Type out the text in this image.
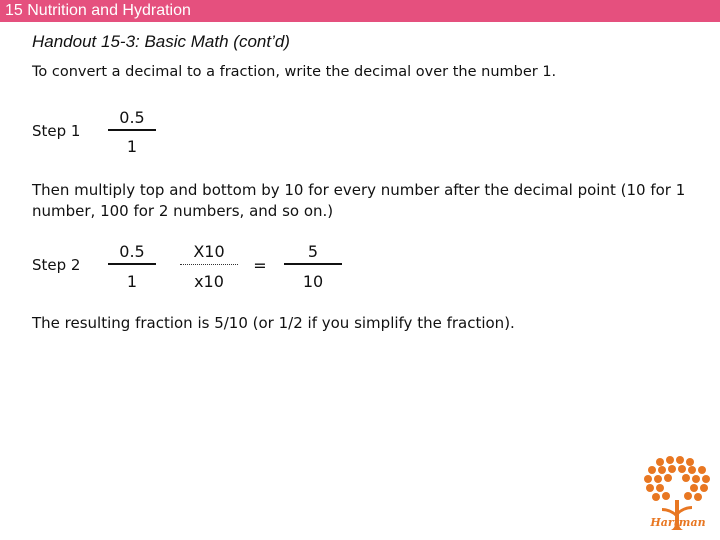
15 Nutrition and Hydration
Handout 15-3: Basic Math (cont’d)
To convert a decimal to a fraction, write the decimal over the number 1.
Step 1
0.5
1
Then multiply top and bottom by 10 for every number after the decimal point (10 for 1 number, 100 for 2 numbers, and so on.)
Step 2
0.5
1
X10
x10
=
5
10
The resulting fraction is 5/10 (or 1/2 if you simplify the fraction).
Hartman
